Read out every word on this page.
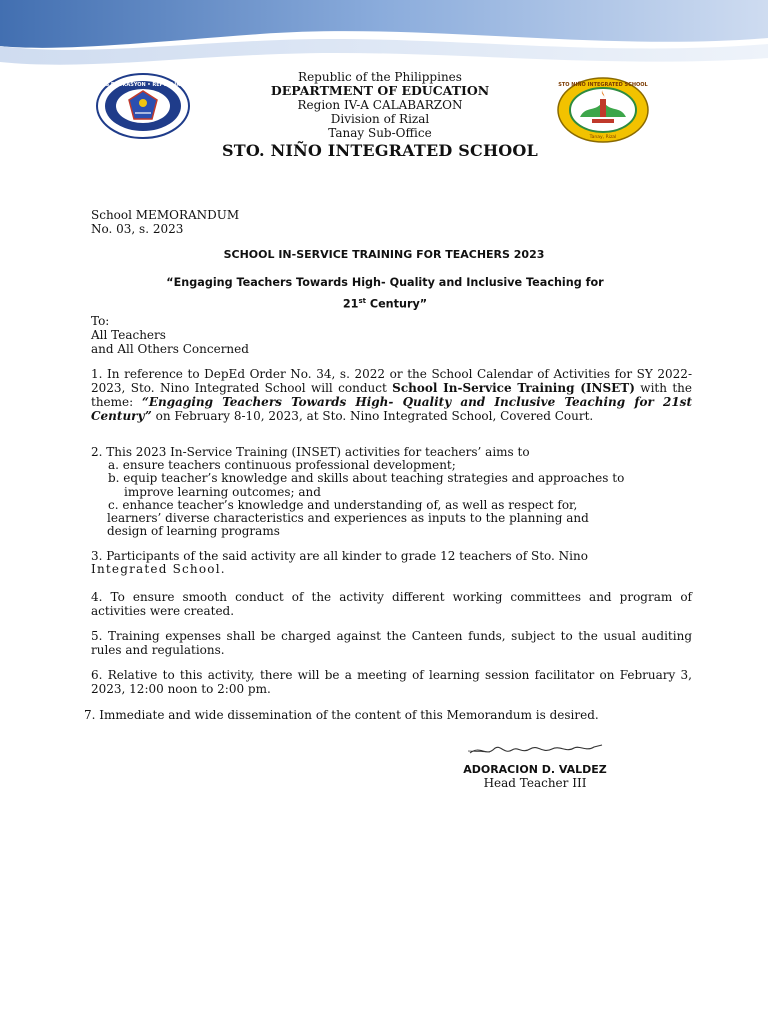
KAGAWARAN NG EDUKASYON • REPUBLIKA NG PILIPINAS	STO NIÑO INTEGRATED SCHOOL
Tanay, Rizal
Republic of the Philippines
DEPARTMENT OF EDUCATION
Region IV-A CALABARZON
Division of Rizal
Tanay Sub-Office
STO. NIÑO INTEGRATED SCHOOL
School MEMORANDUM
No. 03, s. 2023
SCHOOL IN-SERVICE TRAINING FOR TEACHERS 2023
“Engaging Teachers Towards High- Quality and Inclusive Teaching for
21st Century”
To:
All Teachers
and All Others Concerned
1. In reference to DepEd Order No. 34, s. 2022 or the School Calendar of Activities for SY 2022-2023, Sto. Nino Integrated School will conduct School In-Service Training (INSET) with the theme: “Engaging Teachers Towards High- Quality and Inclusive Teaching for 21st Century” on February 8-10, 2023, at Sto. Nino Integrated School, Covered Court.
2. This 2023 In-Service Training (INSET) activities for teachers’ aims to
a. ensure teachers continuous professional development;
b. equip teacher’s knowledge and skills about teaching strategies and approaches to
improve learning outcomes; and
c. enhance teacher’s knowledge and understanding of, as well as respect for,
learners’ diverse characteristics and experiences as inputs to the planning and
design of learning programs
3. Participants of the said activity are all kinder to grade 12 teachers of Sto. Nino
Integrated School.
4. To ensure smooth conduct of the activity different working committees and program of activities were created.
5. Training expenses shall be charged against the Canteen funds, subject to the usual auditing rules and regulations.
6. Relative to this activity, there will be a meeting of learning session facilitator on February 3, 2023, 12:00 noon to 2:00 pm.
7. Immediate and wide dissemination of the content of this Memorandum is desired.
ADORACION D. VALDEZ
Head Teacher III
